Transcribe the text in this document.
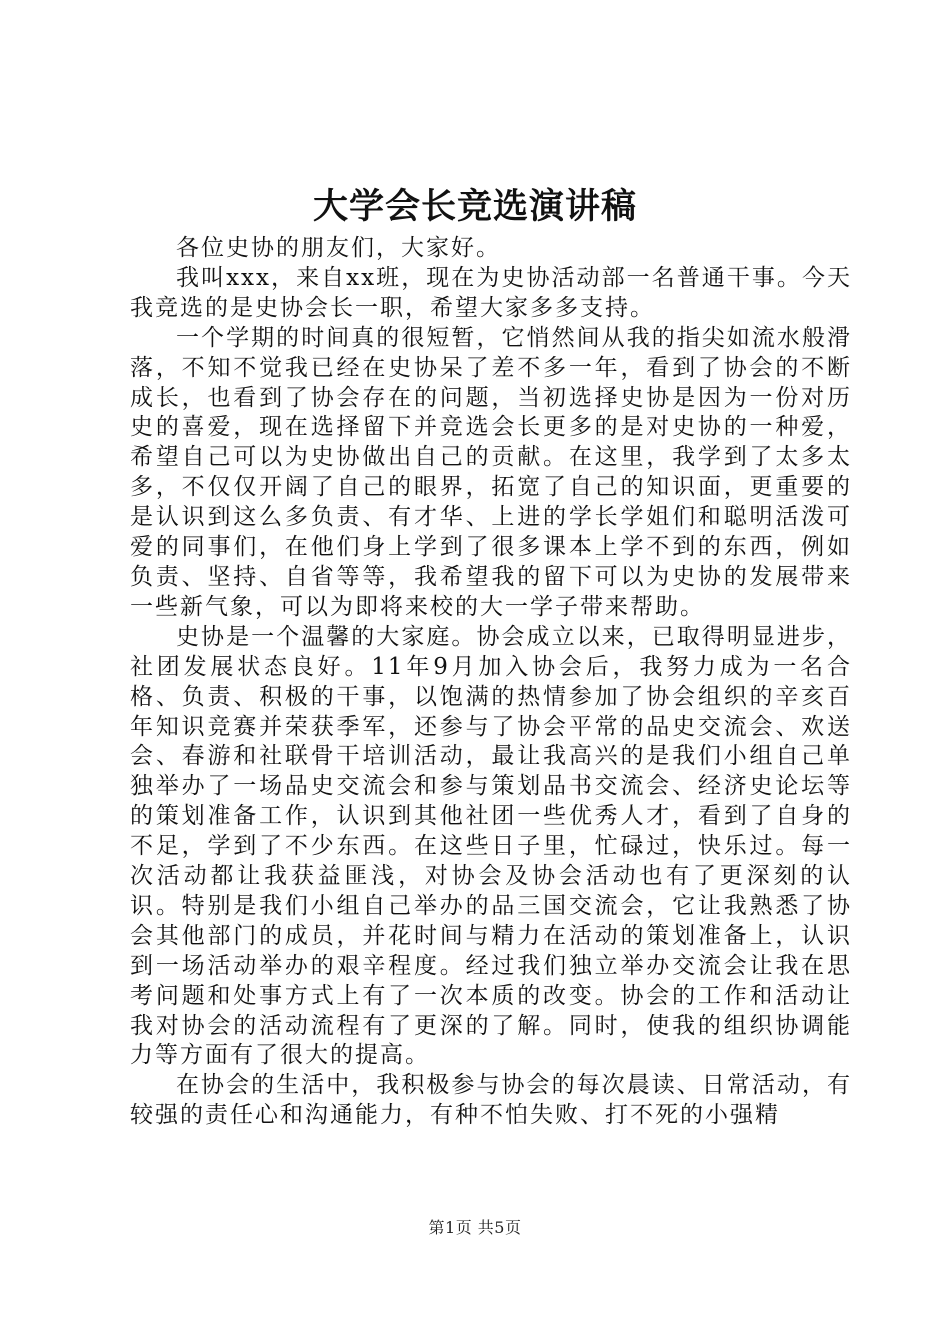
大学会长竞选演讲稿

各位史协的朋友们，大家好。

我叫xxx，来自xx班，现在为史协活动部一名普通干事。今天我竞选的是史协会长一职，希望大家多多支持。

一个学期的时间真的很短暂，它悄然间从我的指尖如流水般滑落，不知不觉我已经在史协呆了差不多一年，看到了协会的不断成长，也看到了协会存在的问题，当初选择史协是因为一份对历史的喜爱，现在选择留下并竞选会长更多的是对史协的一种爱，希望自己可以为史协做出自己的贡献。在这里，我学到了太多太多，不仅仅开阔了自己的眼界，拓宽了自己的知识面，更重要的是认识到这么多负责、有才华、上进的学长学姐们和聪明活泼可爱的同事们，在他们身上学到了很多课本上学不到的东西，例如负责、坚持、自省等等，我希望我的留下可以为史协的发展带来一些新气象，可以为即将来校的大一学子带来帮助。

史协是一个温馨的大家庭。协会成立以来，已取得明显进步，社团发展状态良好。11年9月加入协会后，我努力成为一名合格、负责、积极的干事，以饱满的热情参加了协会组织的辛亥百年知识竞赛并荣获季军，还参与了协会平常的品史交流会、欢送会、春游和社联骨干培训活动，最让我高兴的是我们小组自己单独举办了一场品史交流会和参与策划品书交流会、经济史论坛等的策划准备工作，认识到其他社团一些优秀人才，看到了自身的不足，学到了不少东西。在这些日子里，忙碌过，快乐过。每一次活动都让我获益匪浅，对协会及协会活动也有了更深刻的认识。特别是我们小组自己举办的品三国交流会，它让我熟悉了协会其他部门的成员，并花时间与精力在活动的策划准备上，认识到一场活动举办的艰辛程度。经过我们独立举办交流会让我在思考问题和处事方式上有了一次本质的改变。协会的工作和活动让我对协会的活动流程有了更深的了解。同时，使我的组织协调能力等方面有了很大的提高。

在协会的生活中，我积极参与协会的每次晨读、日常活动，有较强的责任心和沟通能力，有种不怕失败、打不死的小强精

第1页 共5页
